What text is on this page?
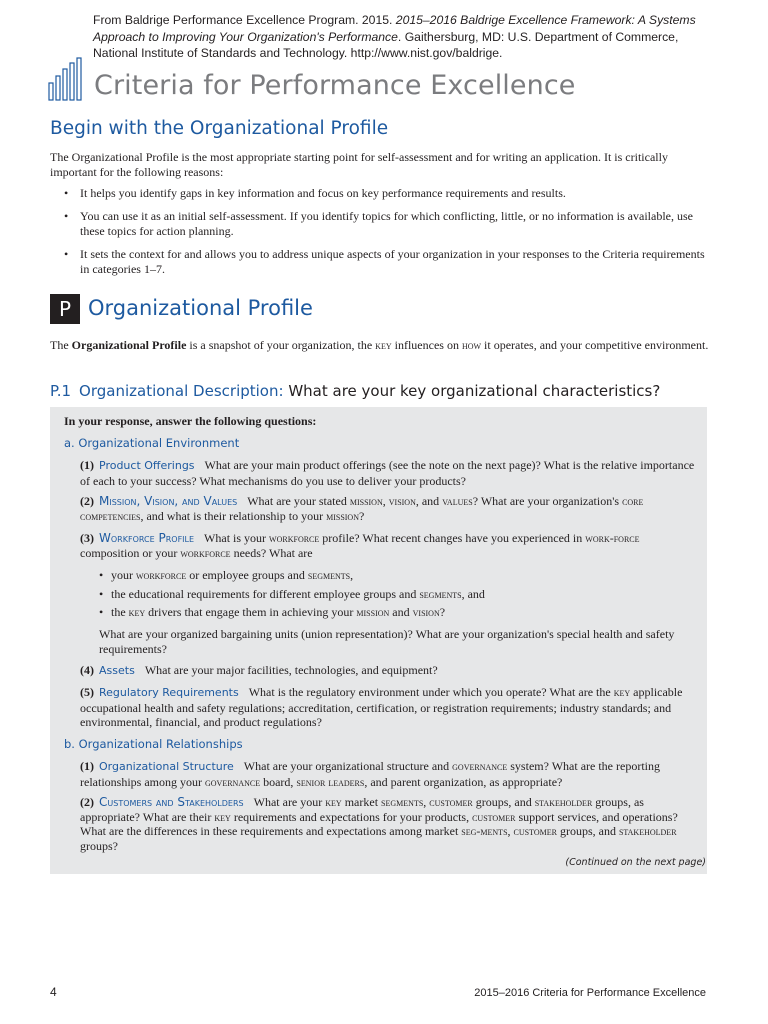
From Baldrige Performance Excellence Program. 2015. 2015–2016 Baldrige Excellence Framework: A Systems Approach to Improving Your Organization's Performance. Gaithersburg, MD: U.S. Department of Commerce, National Institute of Standards and Technology. http://www.nist.gov/baldrige.
Criteria for Performance Excellence
Begin with the Organizational Profile
The Organizational Profile is the most appropriate starting point for self-assessment and for writing an application. It is critically important for the following reasons:
• It helps you identify gaps in key information and focus on key performance requirements and results.
• You can use it as an initial self-assessment. If you identify topics for which conflicting, little, or no information is available, use these topics for action planning.
• It sets the context for and allows you to address unique aspects of your organization in your responses to the Criteria requirements in categories 1–7.
P Organizational Profile
The Organizational Profile is a snapshot of your organization, the key influences on how it operates, and your competitive environment.
P.1 Organizational Description: What are your key organizational characteristics?
In your response, answer the following questions:
a. Organizational Environment
(1) Product Offerings What are your main product offerings (see the note on the next page)? What is the relative importance of each to your success? What mechanisms do you use to deliver your products?
(2) Mission, Vision, and Values What are your stated mission, vision, and values? What are your organization's core competencies, and what is their relationship to your mission?
(3) Workforce Profile What is your workforce profile? What recent changes have you experienced in work-force composition or your workforce needs? What are
• your workforce or employee groups and segments,
• the educational requirements for different employee groups and segments, and
• the key drivers that engage them in achieving your mission and vision?
What are your organized bargaining units (union representation)? What are your organization's special health and safety requirements?
(4) Assets What are your major facilities, technologies, and equipment?
(5) Regulatory Requirements What is the regulatory environment under which you operate? What are the key applicable occupational health and safety regulations; accreditation, certification, or registration requirements; industry standards; and environmental, financial, and product regulations?
b. Organizational Relationships
(1) Organizational Structure What are your organizational structure and governance system? What are the reporting relationships among your governance board, senior leaders, and parent organization, as appropriate?
(2) Customers and Stakeholders What are your key market segments, customer groups, and stakeholder groups, as appropriate? What are their key requirements and expectations for your products, customer support services, and operations? What are the differences in these requirements and expectations among market seg-ments, customer groups, and stakeholder groups?
(Continued on the next page)
4	2015–2016 Criteria for Performance Excellence
